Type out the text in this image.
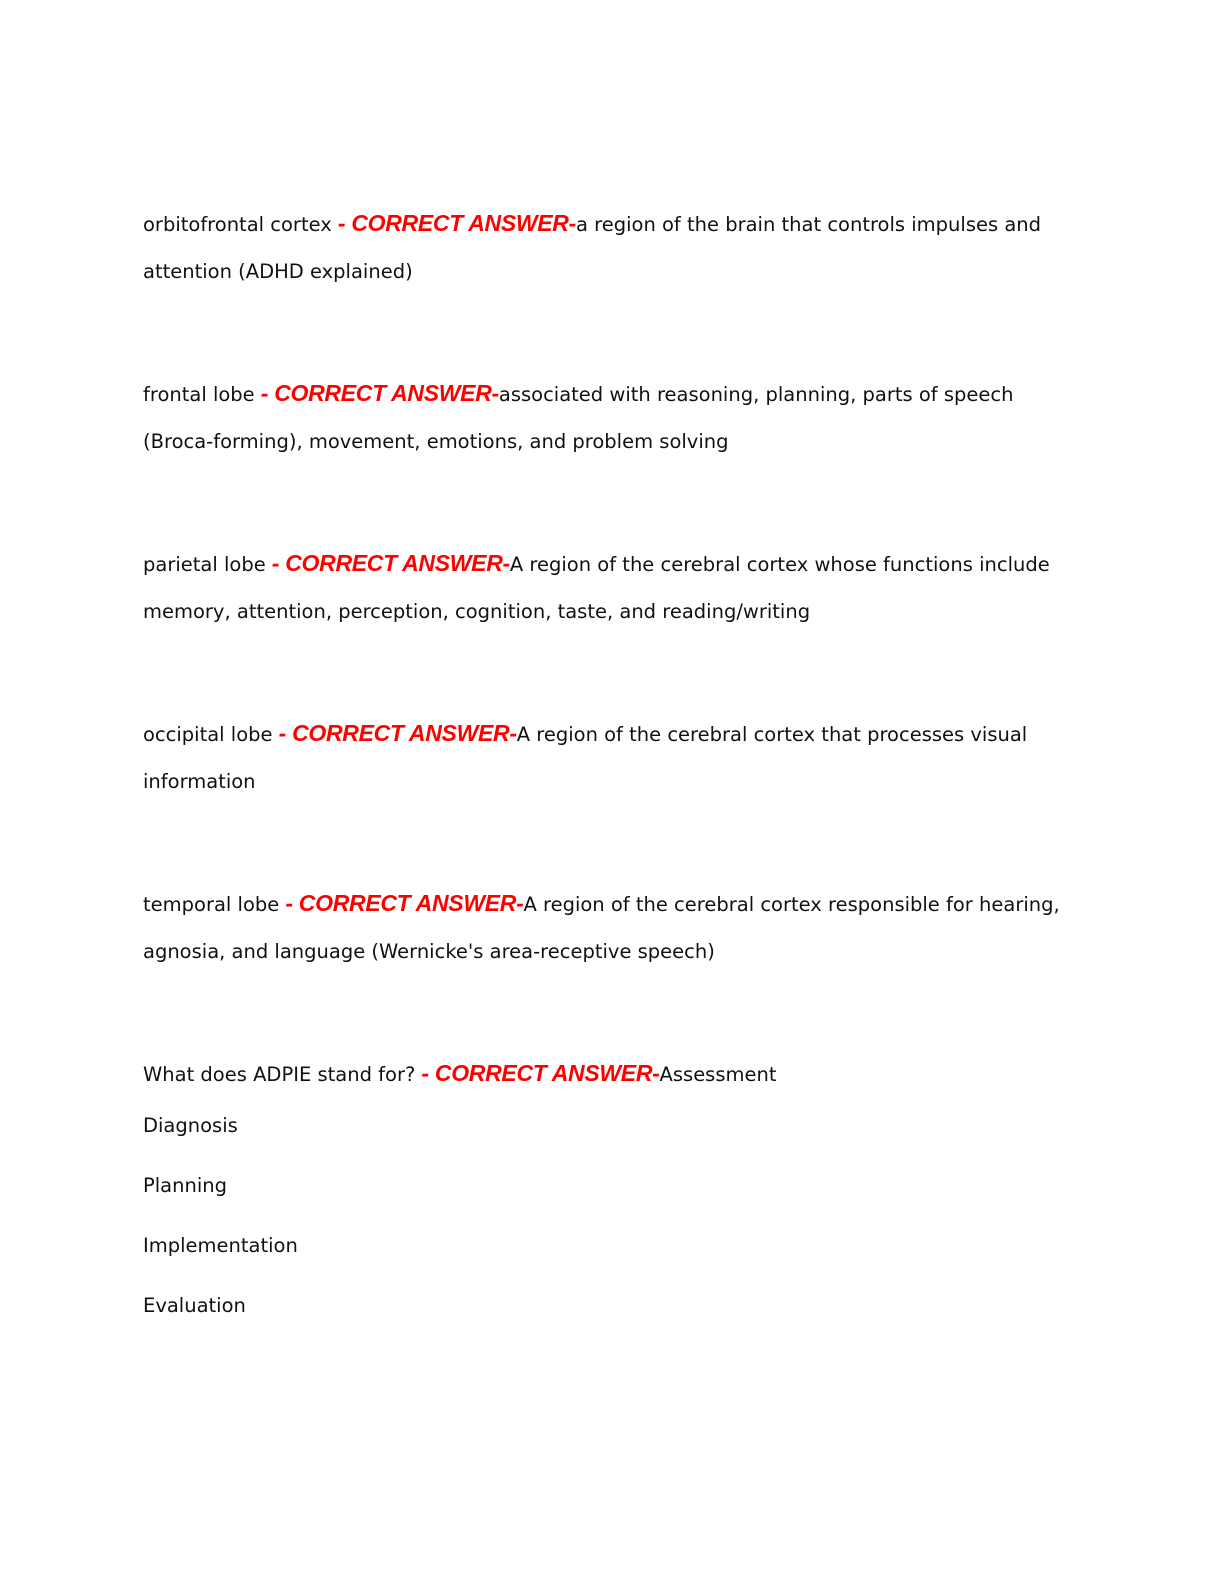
orbitofrontal cortex - CORRECT ANSWER-a region of the brain that controls impulses and attention (ADHD explained)

frontal lobe - CORRECT ANSWER-associated with reasoning, planning, parts of speech (Broca-forming), movement, emotions, and problem solving

parietal lobe - CORRECT ANSWER-A region of the cerebral cortex whose functions include memory, attention, perception, cognition, taste, and reading/writing

occipital lobe - CORRECT ANSWER-A region of the cerebral cortex that processes visual information

temporal lobe - CORRECT ANSWER-A region of the cerebral cortex responsible for hearing, agnosia, and language (Wernicke's area-receptive speech)

What does ADPIE stand for? - CORRECT ANSWER-Assessment

Diagnosis
Planning
Implementation
Evaluation
